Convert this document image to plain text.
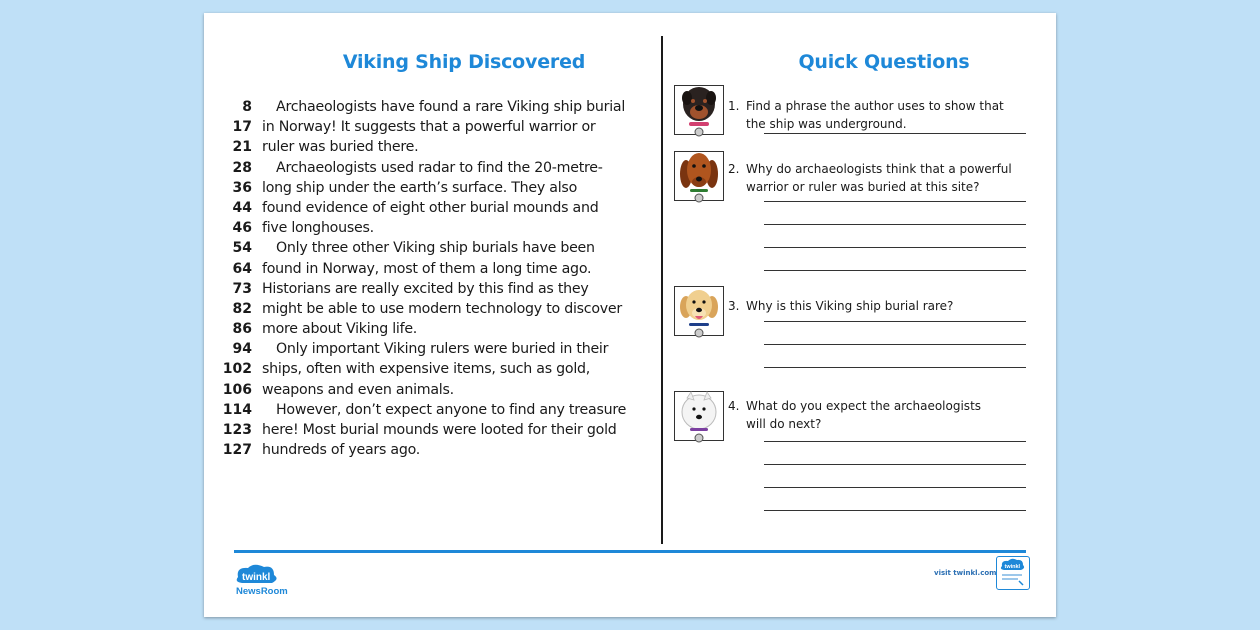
Viking Ship Discovered
8	Archaeologists have found a rare Viking ship burial
17 in Norway! It suggests that a powerful warrior or
21 ruler was buried there.
28	Archaeologists used radar to find the 20-metre-
36 long ship under the earth’s surface. They also
44 found evidence of eight other burial mounds and
46 five longhouses.
54	Only three other Viking ship burials have been
64 found in Norway, most of them a long time ago.
73 Historians are really excited by this find as they
82 might be able to use modern technology to discover
86 more about Viking life.
94	Only important Viking rulers were buried in their
102 ships, often with expensive items, such as gold,
106 weapons and even animals.
114	However, don’t expect anyone to find any treasure
123 here! Most burial mounds were looted for their gold
127 hundreds of years ago.
Quick Questions
1. Find a phrase the author uses to show that
the ship was underground.
2. Why do archaeologists think that a powerful
warrior or ruler was buried at this site?
3. Why is this Viking ship burial rare?
4. What do you expect the archaeologists
will do next?
twinkl
NewsRoom
visit twinkl.com
twinkl
